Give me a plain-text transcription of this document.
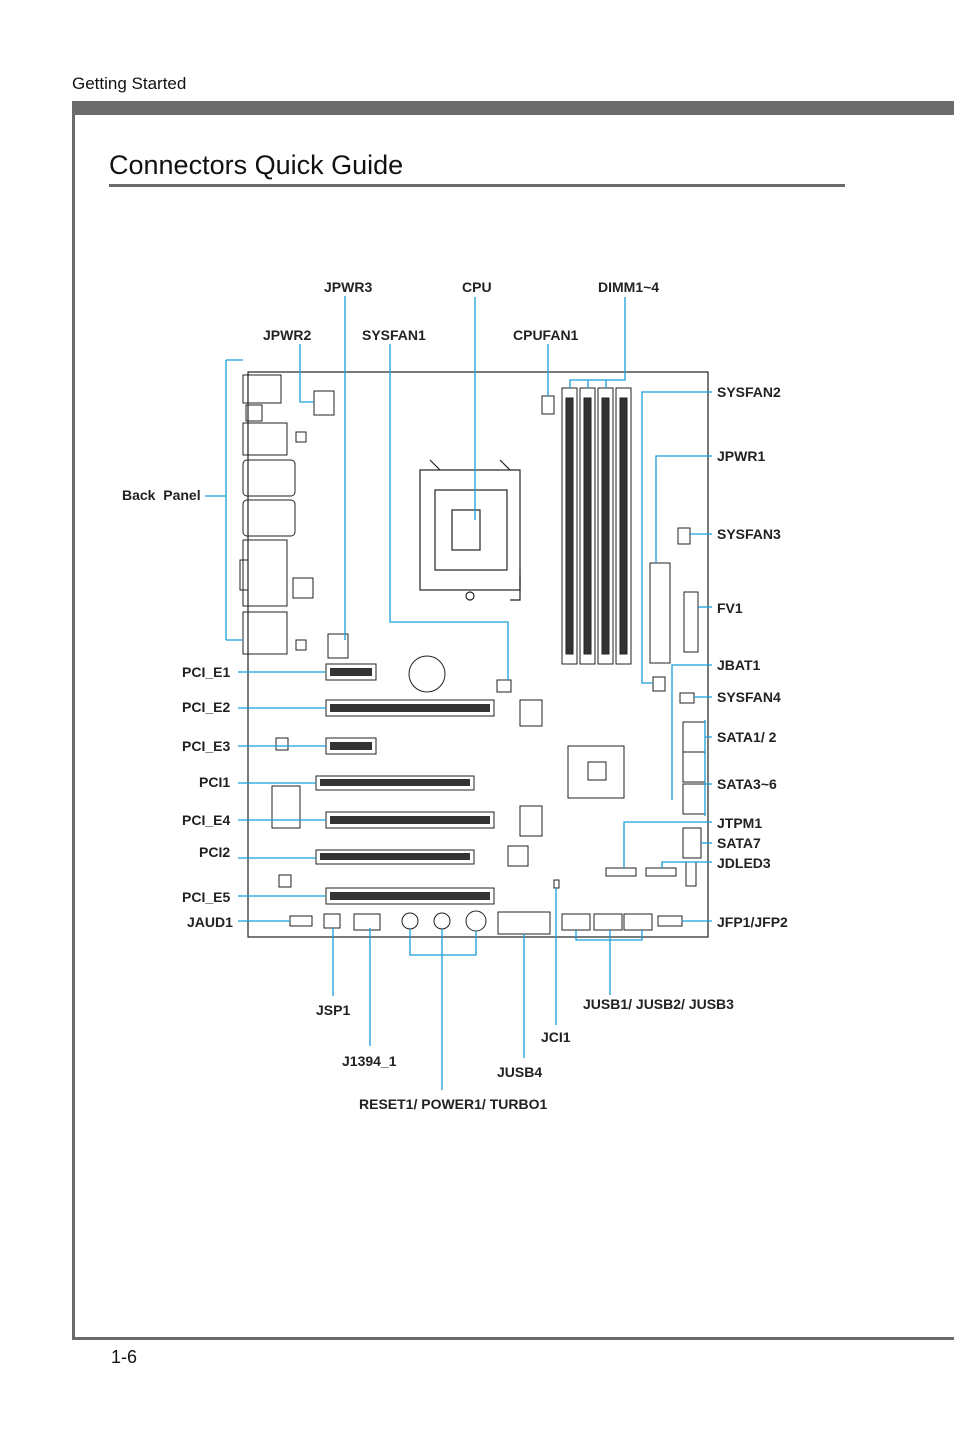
Getting Started
Connectors Quick Guide
1-6
JPWR3	CPU	DIMM1~4
JPWR2	SYSFAN1	CPUFAN1
SYSFAN2
JPWR1
Back  Panel
SYSFAN3
FV1
PCI_E1	JBAT1
PCI_E2
SYSFAN4
PCI_E3
SATA1/ 2
PCI1	SATA3~6
PCI_E4	JTPM1
SATA7
PCI2
JDLED3
PCI_E5
JAUD1	JFP1/JFP2
JSP1	JUSB1/ JUSB2/ JUSB3
JCI1
J1394_1
JUSB4
RESET1/ POWER1/ TURBO1
